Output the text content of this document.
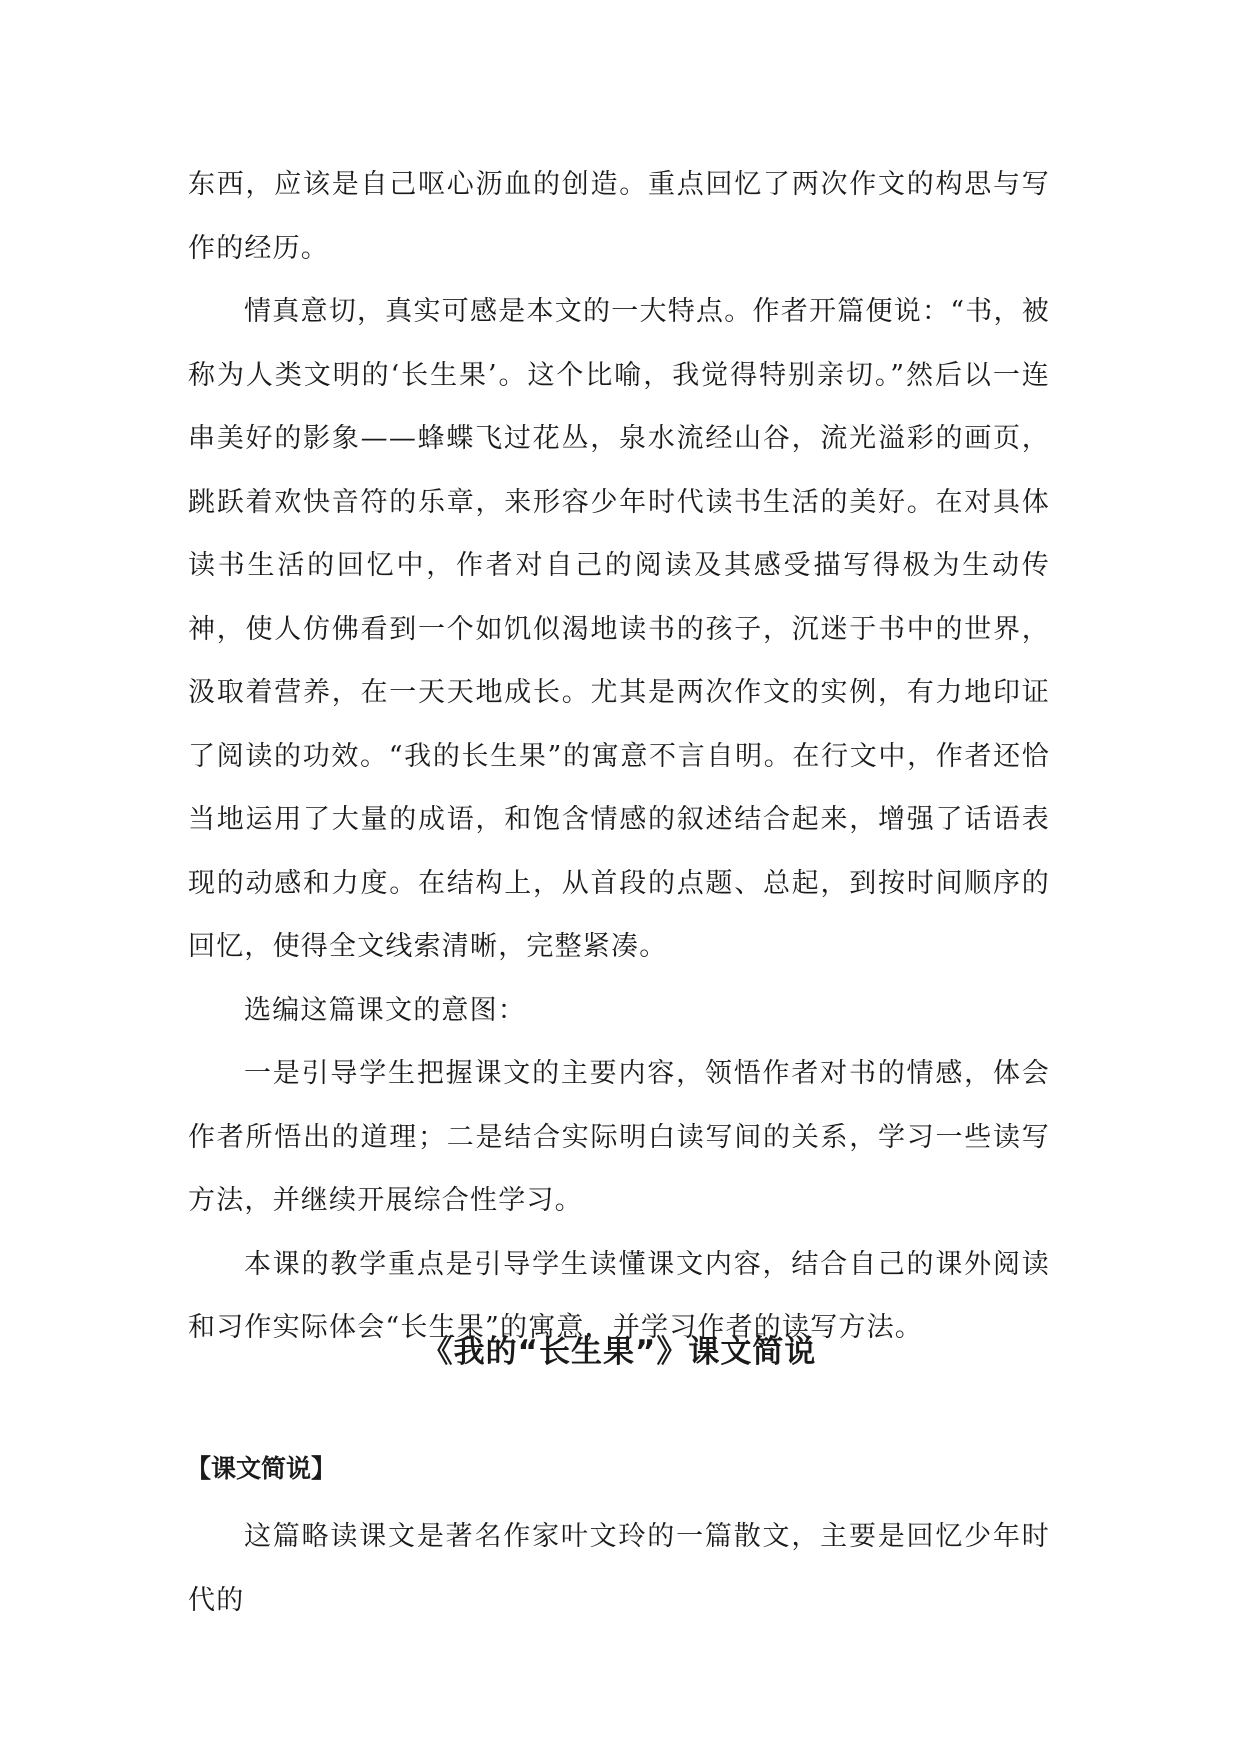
东西，应该是自己呕心沥血的创造。重点回忆了两次作文的构思与写作的经历。

情真意切，真实可感是本文的一大特点。作者开篇便说：“书，被称为人类文明的‘长生果’。这个比喻，我觉得特别亲切。”然后以一连串美好的影象——蜂蝶飞过花丛，泉水流经山谷，流光溢彩的画页，跳跃着欢快音符的乐章，来形容少年时代读书生活的美好。在对具体读书生活的回忆中，作者对自己的阅读及其感受描写得极为生动传神，使人仿佛看到一个如饥似渴地读书的孩子，沉迷于书中的世界，汲取着营养，在一天天地成长。尤其是两次作文的实例，有力地印证了阅读的功效。“我的长生果”的寓意不言自明。在行文中，作者还恰当地运用了大量的成语，和饱含情感的叙述结合起来，增强了话语表现的动感和力度。在结构上，从首段的点题、总起，到按时间顺序的回忆，使得全文线索清晰，完整紧凑。

选编这篇课文的意图：

一是引导学生把握课文的主要内容，领悟作者对书的情感，体会作者所悟出的道理；二是结合实际明白读写间的关系，学习一些读写方法，并继续开展综合性学习。

本课的教学重点是引导学生读懂课文内容，结合自己的课外阅读和习作实际体会“长生果”的寓意，并学习作者的读写方法。

《我的“长生果”》课文简说

【课文简说】

这篇略读课文是著名作家叶文玲的一篇散文，主要是回忆少年时代的
